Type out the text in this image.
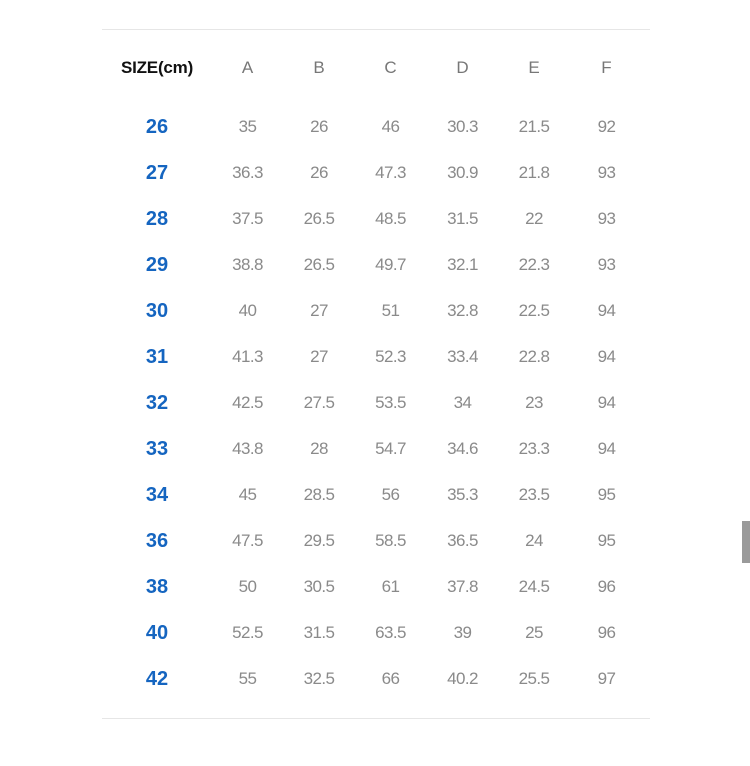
SIZE(cm)	A	B	C	D	E	F

26	35	26	46	30.3	21.5	92
27	36.3	26	47.3	30.9	21.8	93
28	37.5	26.5	48.5	31.5	22	93
29	38.8	26.5	49.7	32.1	22.3	93
30	40	27	51	32.8	22.5	94
31	41.3	27	52.3	33.4	22.8	94
32	42.5	27.5	53.5	34	23	94
33	43.8	28	54.7	34.6	23.3	94
34	45	28.5	56	35.3	23.5	95
36	47.5	29.5	58.5	36.5	24	95
38	50	30.5	61	37.8	24.5	96
40	52.5	31.5	63.5	39	25	96
42	55	32.5	66	40.2	25.5	97
